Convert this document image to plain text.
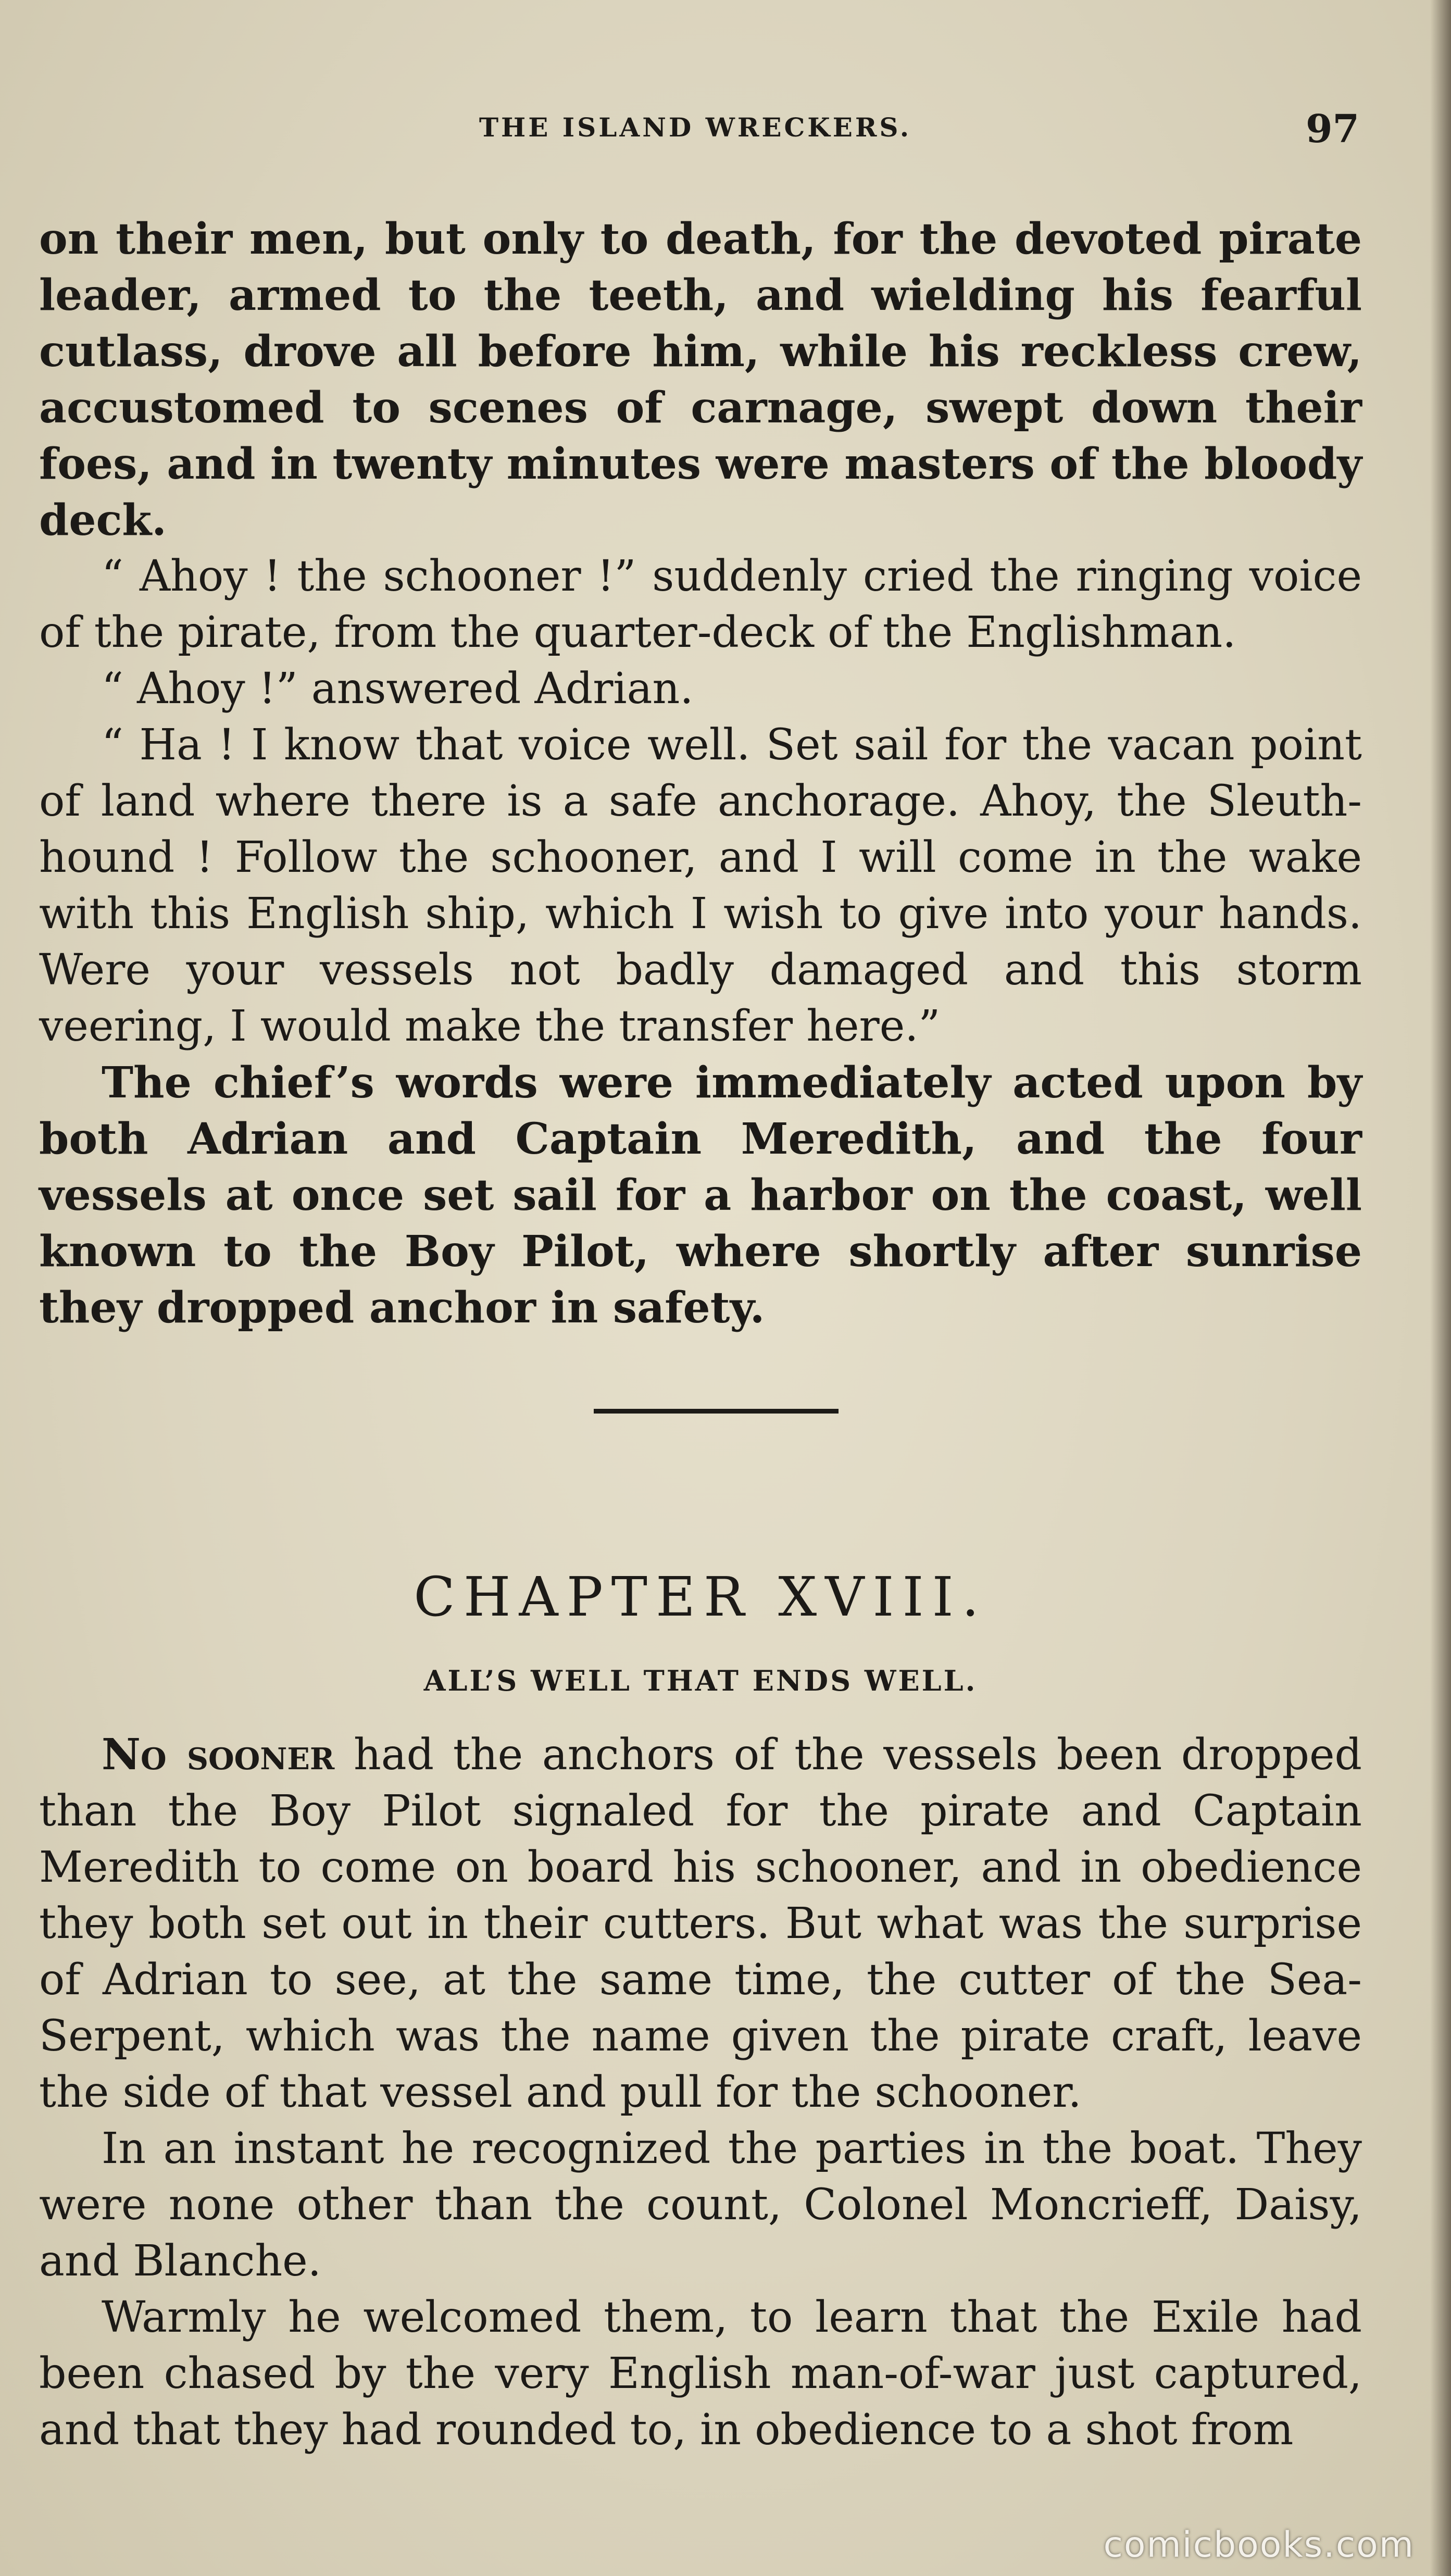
THE ISLAND WRECKERS.	97

on their men, but only to death, for the devoted pirate leader, armed to the teeth, and wielding his fearful cutlass, drove all before him, while his reckless crew, accustomed to scenes of carnage, swept down their foes, and in twenty minutes were masters of the bloody deck.

“ Ahoy ! the schooner !” suddenly cried the ringing voice of the pirate, from the quarter-deck of the Englishman.

“ Ahoy !” answered Adrian.

“ Ha ! I know that voice well. Set sail for the vacan point of land where there is a safe anchorage. Ahoy, the Sleuth-hound ! Follow the schooner, and I will come in the wake with this English ship, which I wish to give into your hands. Were your vessels not badly damaged and this storm veering, I would make the transfer here.”

The chief’s words were immediately acted upon by both Adrian and Captain Meredith, and the four vessels at once set sail for a harbor on the coast, well known to the Boy Pilot, where shortly after sunrise they dropped anchor in safety.

CHAPTER XVIII.
ALL’S WELL THAT ENDS WELL.

No sooner had the anchors of the vessels been dropped than the Boy Pilot signaled for the pirate and Captain Meredith to come on board his schooner, and in obedience they both set out in their cutters. But what was the surprise of Adrian to see, at the same time, the cutter of the Sea-Serpent, which was the name given the pirate craft, leave the side of that vessel and pull for the schooner.

In an instant he recognized the parties in the boat. They were none other than the count, Colonel Moncrieff, Daisy, and Blanche.

Warmly he welcomed them, to learn that the Exile had been chased by the very English man-of-war just captured, and that they had rounded to, in obedience to a shot from

comicbooks.com
